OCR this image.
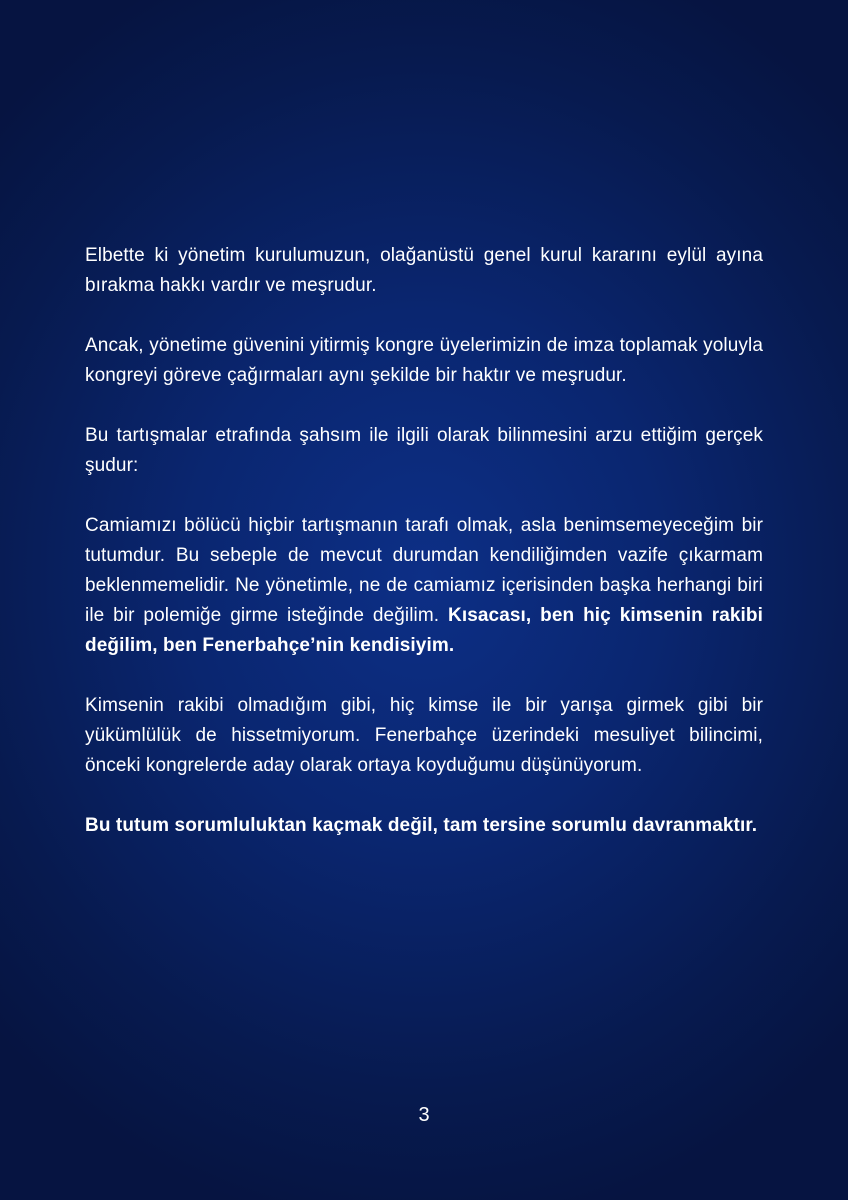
Elbette ki yönetim kurulumuzun, olağanüstü genel kurul kararını eylül ayına bırakma hakkı vardır ve meşrudur.

Ancak, yönetime güvenini yitirmiş kongre üyelerimizin de imza toplamak yoluyla kongreyi göreve çağırmaları aynı şekilde bir haktır ve meşrudur.

Bu tartışmalar etrafında şahsım ile ilgili olarak bilinmesini arzu ettiğim gerçek şudur:

Camiamızı bölücü hiçbir tartışmanın tarafı olmak, asla benimsemeyeceğim bir tutumdur. Bu sebeple de mevcut durumdan kendiliğimden vazife çıkarmam beklenmemelidir. Ne yönetimle, ne de camiamız içerisinden başka herhangi biri ile bir polemiğe girme isteğinde değilim. Kısacası, ben hiç kimsenin rakibi değilim, ben Fenerbahçe’nin kendisiyim.

Kimsenin rakibi olmadığım gibi, hiç kimse ile bir yarışa girmek gibi bir yükümlülük de hissetmiyorum. Fenerbahçe üzerindeki mesuliyet bilincimi, önceki kongrelerde aday olarak ortaya koyduğumu düşünüyorum.

Bu tutum sorumluluktan kaçmak değil, tam tersine sorumlu davranmaktır.

3
